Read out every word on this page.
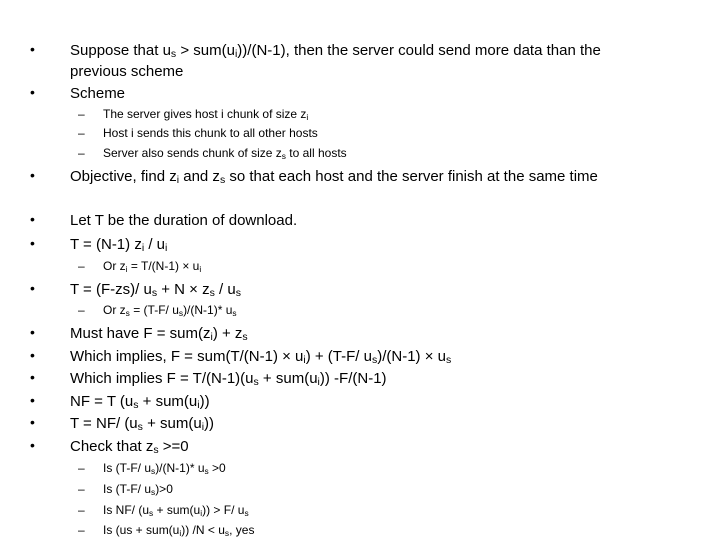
• Suppose that $u_s > sum(u_i))/(N-1)$, then the server could send more data than the
previous scheme
• Scheme
– The server gives host i chunk of size $z_i$
– Host i sends this chunk to all other hosts
– Server also sends chunk of size $z_s$ to all hosts
• Objective, find $z_i$ and $z_s$ so that each host and the server finish at the same time
• Let T be the duration of download.
• T = (N-1) $z_i / u_i$
– Or $z_i = T/(N-1) \times u_i$
• T = (F-zs)/ $u_s + N \times z_s / u_s$
– Or $z_s = (T-F/$ $u_s)/(N-1)*$ $u_s$
• Must have $F = sum(z_i) + z_s$
• Which implies, $F = sum(T/(N-1) \times u_i) + (T-F/$ $u_s)/(N-1) \times u_s$
• Which implies $F = T/(N-1)(u_s + sum(u_i))$ -F/(N-1)
• NF = T $(u_s + sum(u_i))$
• T = NF/ $(u_s + sum(u_i))$
• Check that $z_s >=0$
– Is (T-F/ $u_s)/(N-1)*$ $u_s >0$
– Is (T-F/ $u_s)>0$
– Is NF/ $(u_s + sum(u_i)) > F/$ $u_s$
– Is $(us + sum(u_i))$ $/N < u_s$, yes
